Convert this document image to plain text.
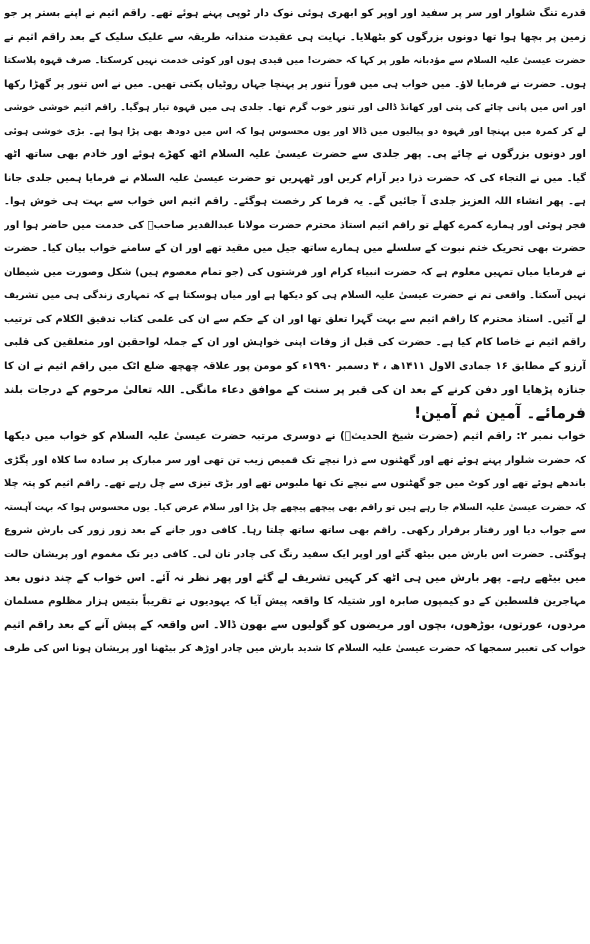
قدرے تنگ شلوار اور سر پر سفید اور اوپر کو ابھری ہوئی نوک دار ٹوپی پہنے ہوئے تھے۔ راقم اثیم نے اپنے بستر پر جو
زمین پر بچھا ہوا تھا دونوں بزرگوں کو بٹھلایا۔ نہایت ہی عقیدت مندانہ طریقہ سے علیک سلیک کے بعد راقم اثیم نے
حضرت عیسیٰ علیہ السلام سے مؤدبانہ طور پر کہا کہ حضرت! میں قیدی ہوں اور کوئی خدمت نہیں کرسکتا۔ صرف قہوہ پلاسکتا
ہوں۔ حضرت نے فرمایا لاؤ۔ میں خواب ہی میں فوراً تنور پر پہنچا جہاں روٹیاں پکتی تھیں۔ میں نے اس تنور پر گھڑا رکھا
اور اس میں پانی چائے کی پتی اور کھانڈ ڈالی اور تنور خوب گرم تھا۔ جلدی ہی میں قہوہ تیار ہوگیا۔ راقم اثیم خوشی خوشی
لے کر کمرہ میں پہنچا اور قہوہ دو پیالیوں میں ڈالا اور یوں محسوس ہوا کہ اس میں دودھ بھی پڑا ہوا ہے۔ بڑی خوشی ہوئی
اور دونوں بزرگوں نے چائے پی۔ پھر جلدی سے حضرت عیسیٰ علیہ السلام اٹھ کھڑے ہوئے اور خادم بھی ساتھ اٹھ
گیا۔ میں نے التجاء کی کہ حضرت ذرا دیر آرام کریں اور ٹھہریں تو حضرت عیسیٰ علیہ السلام نے فرمایا ہمیں جلدی جانا
ہے۔ پھر انشاء اللہ العزیز جلدی آ جائیں گے۔ یہ فرما کر رخصت ہوگئے۔ راقم اثیم اس خواب سے بہت ہی خوش ہوا۔
فجر ہوئی اور ہمارے کمرے کھلے تو راقم اثیم استاذ محترم حضرت مولانا عبدالقدیر صاحبؒ کی خدمت میں حاضر ہوا اور
حضرت بھی تحریک ختم نبوت کے سلسلے میں ہمارے ساتھ جیل میں مقید تھے اور ان کے سامنے خواب بیان کیا۔ حضرت
نے فرمایا میاں تمہیں معلوم ہے کہ حضرت انبیاء کرام اور فرشتوں کی (جو تمام معصوم ہیں) شکل وصورت میں شیطان
نہیں آسکتا۔ واقعی تم نے حضرت عیسیٰ علیہ السلام ہی کو دیکھا ہے اور میاں ہوسکتا ہے کہ تمہاری زندگی ہی میں تشریف
لے آئیں۔ استاذ محترم کا راقم اثیم سے بہت گہرا تعلق تھا اور ان کے حکم سے ان کی علمی کتاب تدقیق الکلام کی ترتیب
راقم اثیم نے خاصا کام کیا ہے۔ حضرت کی قبل از وفات اپنی خواہش اور ان کے جملہ لواحقین اور متعلقین کی قلبی
آرزو کے مطابق ۱۶ جمادی الاول ۱۴۱۱ھ ، ۴ دسمبر ۱۹۹۰ء کو مومن پور علاقہ چھچھ ضلع اٹک میں راقم اثیم نے ان کا
جنازہ پڑھایا اور دفن کرنے کے بعد ان کی قبر پر سنت کے موافق دعاء مانگی۔ اللہ تعالیٰ مرحوم کے درجات بلند
فرمائے۔ آمین ثم آمین!
خواب نمبر ۲: راقم اثیم (حضرت شیخ الحدیثؒ) نے دوسری مرتبہ حضرت عیسیٰ علیہ السلام کو خواب میں دیکھا
کہ حضرت شلوار پہنے ہوئے تھے اور گھٹنوں سے ذرا نیچے تک قمیص زیب تن تھی اور سر مبارک پر سادہ سا کلاہ اور پگڑی
باندھے ہوئے تھے اور کوٹ میں جو گھٹنوں سے نیچے تک تھا ملبوس تھے اور بڑی تیزی سے چل رہے تھے۔ راقم اثیم کو پتہ چلا
کہ حضرت عیسیٰ علیہ السلام جا رہے ہیں تو راقم بھی پیچھے پیچھے چل پڑا اور سلام عرض کیا۔ یوں محسوس ہوا کہ بہت آہستہ
سے جواب دیا اور رفتار برقرار رکھی۔ راقم بھی ساتھ ساتھ چلتا رہا۔ کافی دور جانے کے بعد زور زور کی بارش شروع
ہوگئی۔ حضرت اس بارش میں بیٹھ گئے اور اوپر ایک سفید رنگ کی چادر تان لی۔ کافی دیر تک مغموم اور پریشان حالت
میں بیٹھے رہے۔ پھر بارش میں ہی اٹھ کر کہیں تشریف لے گئے اور پھر نظر نہ آئے۔ اس خواب کے چند دنوں بعد
مہاجرین فلسطین کے دو کیمپوں صابرہ اور شتیلہ کا واقعہ پیش آیا کہ یہودیوں نے تقریباً بتیس ہزار مظلوم مسلمان
مردوں، عورتوں، بوڑھوں، بچوں اور مریضوں کو گولیوں سے بھون ڈالا۔ اس واقعہ کے پیش آنے کے بعد راقم اثیم
خواب کی تعبیر سمجھا کہ حضرت عیسیٰ علیہ السلام کا شدید بارش میں چادر اوڑھ کر بیٹھنا اور پریشان ہونا اس کی طرف
